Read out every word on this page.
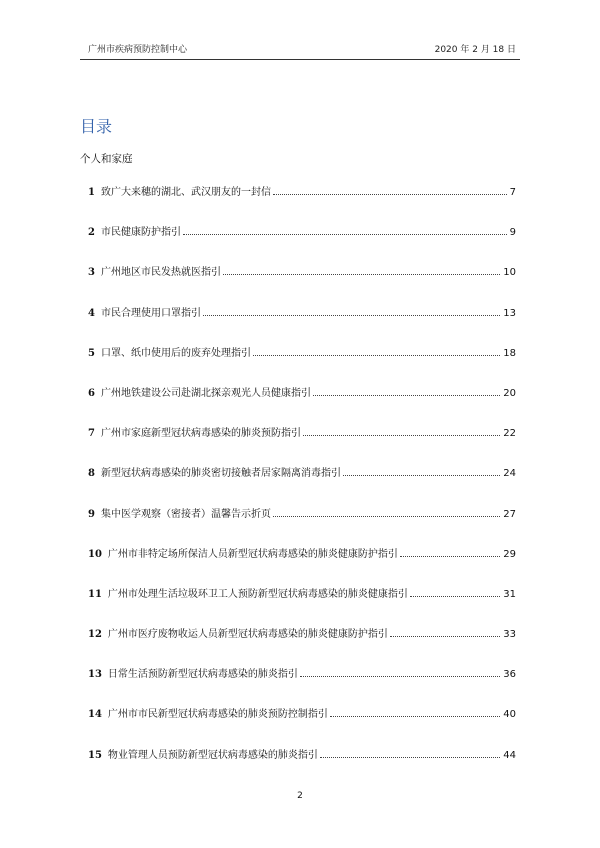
广州市疾病预防控制中心	2020 年 2 月 18 日
目录
个人和家庭
1 致广大来穗的湖北、武汉朋友的一封信	7
2 市民健康防护指引	9
3 广州地区市民发热就医指引	10
4 市民合理使用口罩指引	13
5 口罩、纸巾使用后的废弃处理指引	18
6 广州地铁建设公司赴湖北探亲观光人员健康指引	20
7 广州市家庭新型冠状病毒感染的肺炎预防指引	22
8 新型冠状病毒感染的肺炎密切接触者居家隔离消毒指引	24
9 集中医学观察（密接者）温馨告示折页	27
10 广州市非特定场所保洁人员新型冠状病毒感染的肺炎健康防护指引	29
11 广州市处理生活垃圾环卫工人预防新型冠状病毒感染的肺炎健康指引	31
12 广州市医疗废物收运人员新型冠状病毒感染的肺炎健康防护指引	33
13 日常生活预防新型冠状病毒感染的肺炎指引	36
14 广州市市民新型冠状病毒感染的肺炎预防控制指引	40
15 物业管理人员预防新型冠状病毒感染的肺炎指引	44
2
